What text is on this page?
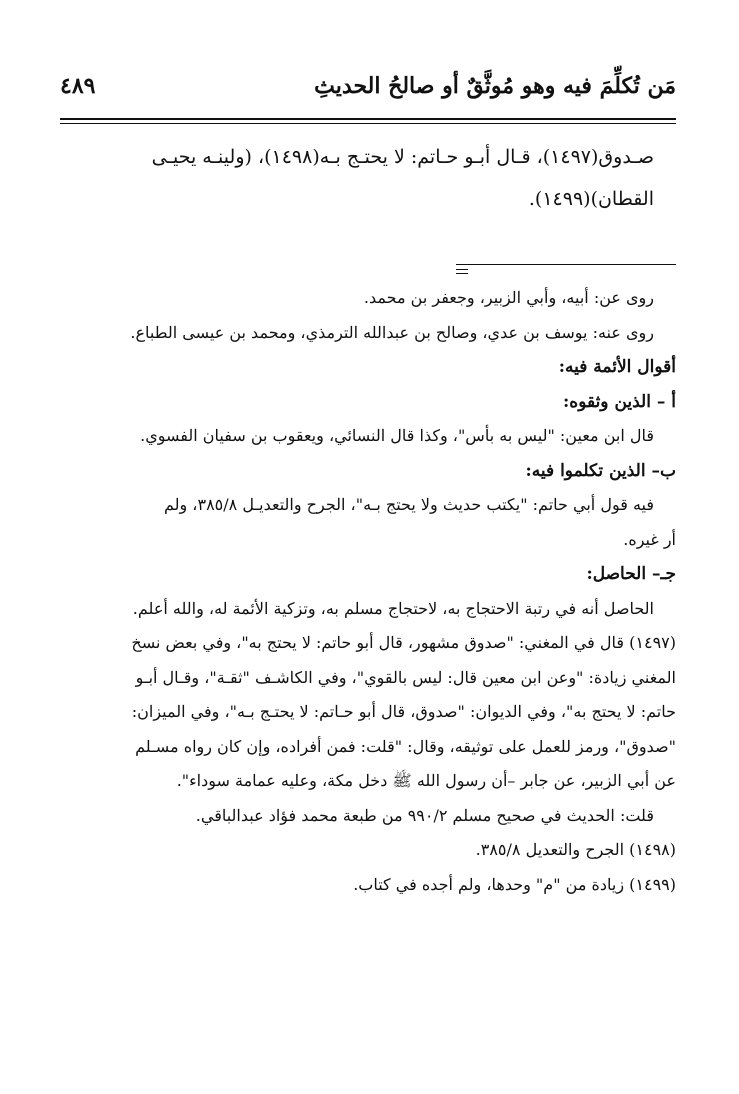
مَن تُكلِّمَ فيه وهو مُوثَّقٌ أو صالحُ الحديثِ
٤٨٩
صـدوق(١٤٩٧)، قـال أبـو حـاتم: لا يحتـج بـه(١٤٩٨)، (ولينـه يحيـى
القطان)(١٤٩٩).
روى عن: أبيه، وأبي الزبير، وجعفر بن محمد.
روى عنه: يوسف بن عدي، وصالح بن عبدالله الترمذي، ومحمد بن عيسى الطباع.
أقوال الأئمة فيه:
أ – الذين وثقوه:
قال ابن معين: "ليس به بأس"، وكذا قال النسائي، ويعقوب بن سفيان الفسوي.
ب– الذين تكلموا فيه:
فيه قول أبي حاتم: "يكتب حديث ولا يحتج بـه"، الجرح والتعديـل ٣٨٥/٨، ولم
أر غيره.
جـ– الحاصل:
الحاصل أنه في رتبة الاحتجاج به، لاحتجاج مسلم به، وتزكية الأئمة له، والله أعلم.
(١٤٩٧) قال في المغني: "صدوق مشهور، قال أبو حاتم: لا يحتج به"، وفي بعض نسخ
المغني زيادة: "وعن ابن معين قال: ليس بالقوي"، وفي الكاشـف "ثقـة"، وقـال أبـو
حاتم: لا يحتج به"، وفي الديوان: "صدوق، قال أبو حـاتم: لا يحتـج بـه"، وفي الميزان:
"صدوق"، ورمز للعمل على توثيقه، وقال: "قلت: فمن أفراده، وإن كان رواه مسـلم
عن أبي الزبير، عن جابر –أن رسول الله ﷺ دخل مكة، وعليه عمامة سوداء".
قلت: الحديث في صحيح مسلم ٩٩٠/٢ من طبعة محمد فؤاد عبدالباقي.
(١٤٩٨) الجرح والتعديل ٣٨٥/٨.
(١٤٩٩) زيادة من "م" وحدها، ولم أجده في كتاب.
